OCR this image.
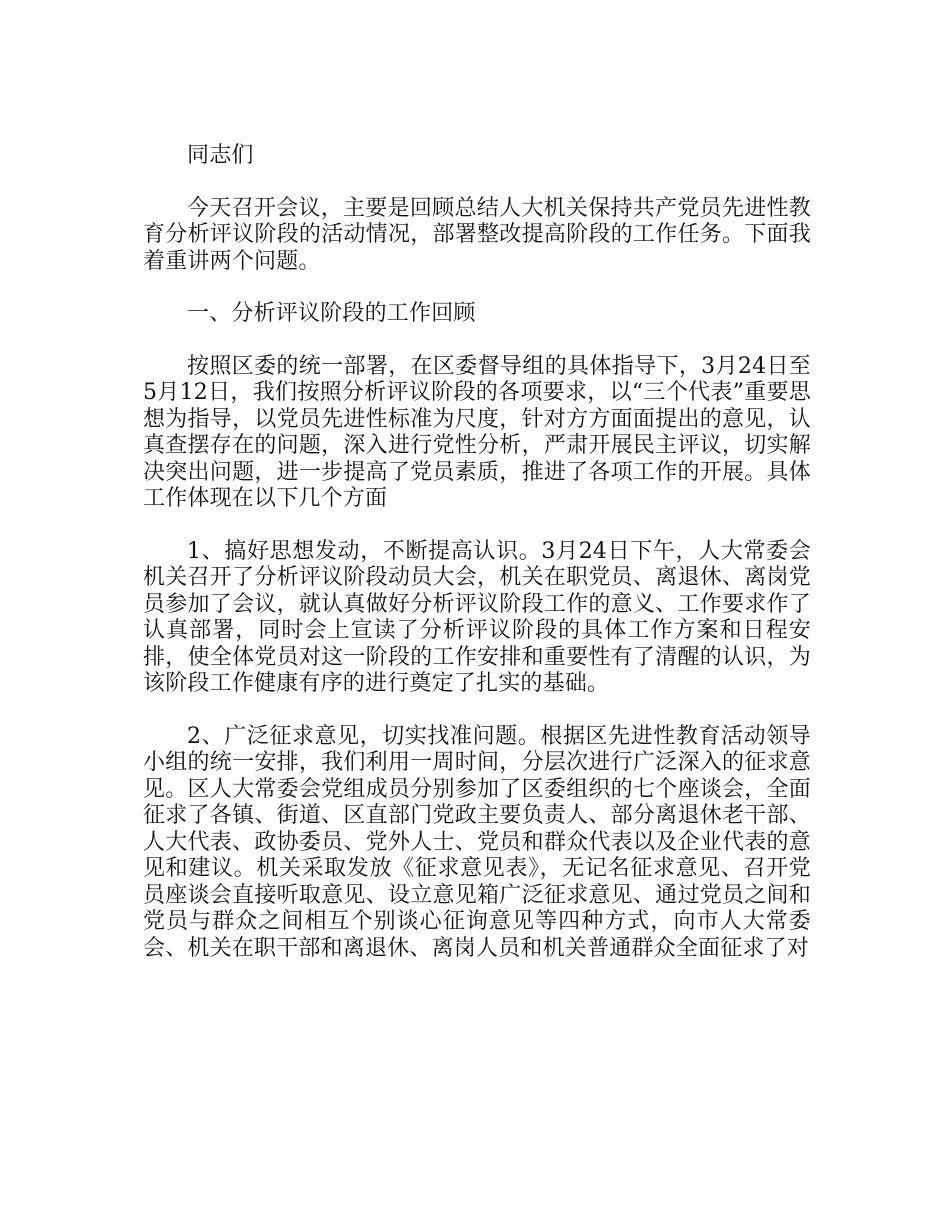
同志们

今天召开会议，主要是回顾总结人大机关保持共产党员先进性教育分析评议阶段的活动情况，部署整改提高阶段的工作任务。下面我着重讲两个问题。

一、分析评议阶段的工作回顾

按照区委的统一部署，在区委督导组的具体指导下，3月24日至5月12日，我们按照分析评议阶段的各项要求，以“三个代表”重要思想为指导，以党员先进性标准为尺度，针对方方面面提出的意见，认真查摆存在的问题，深入进行党性分析，严肃开展民主评议，切实解决突出问题，进一步提高了党员素质，推进了各项工作的开展。具体工作体现在以下几个方面

1、搞好思想发动，不断提高认识。3月24日下午，人大常委会机关召开了分析评议阶段动员大会，机关在职党员、离退休、离岗党员参加了会议，就认真做好分析评议阶段工作的意义、工作要求作了认真部署，同时会上宣读了分析评议阶段的具体工作方案和日程安排，使全体党员对这一阶段的工作安排和重要性有了清醒的认识，为该阶段工作健康有序的进行奠定了扎实的基础。

2、广泛征求意见，切实找准问题。根据区先进性教育活动领导小组的统一安排，我们利用一周时间，分层次进行广泛深入的征求意见。区人大常委会党组成员分别参加了区委组织的七个座谈会，全面征求了各镇、街道、区直部门党政主要负责人、部分离退休老干部、人大代表、政协委员、党外人士、党员和群众代表以及企业代表的意见和建议。机关采取发放《征求意见表》，无记名征求意见、召开党员座谈会直接听取意见、设立意见箱广泛征求意见、通过党员之间和党员与群众之间相互个别谈心征询意见等四种方式，向市人大常委会、机关在职干部和离退休、离岗人员和机关普通群众全面征求了对
